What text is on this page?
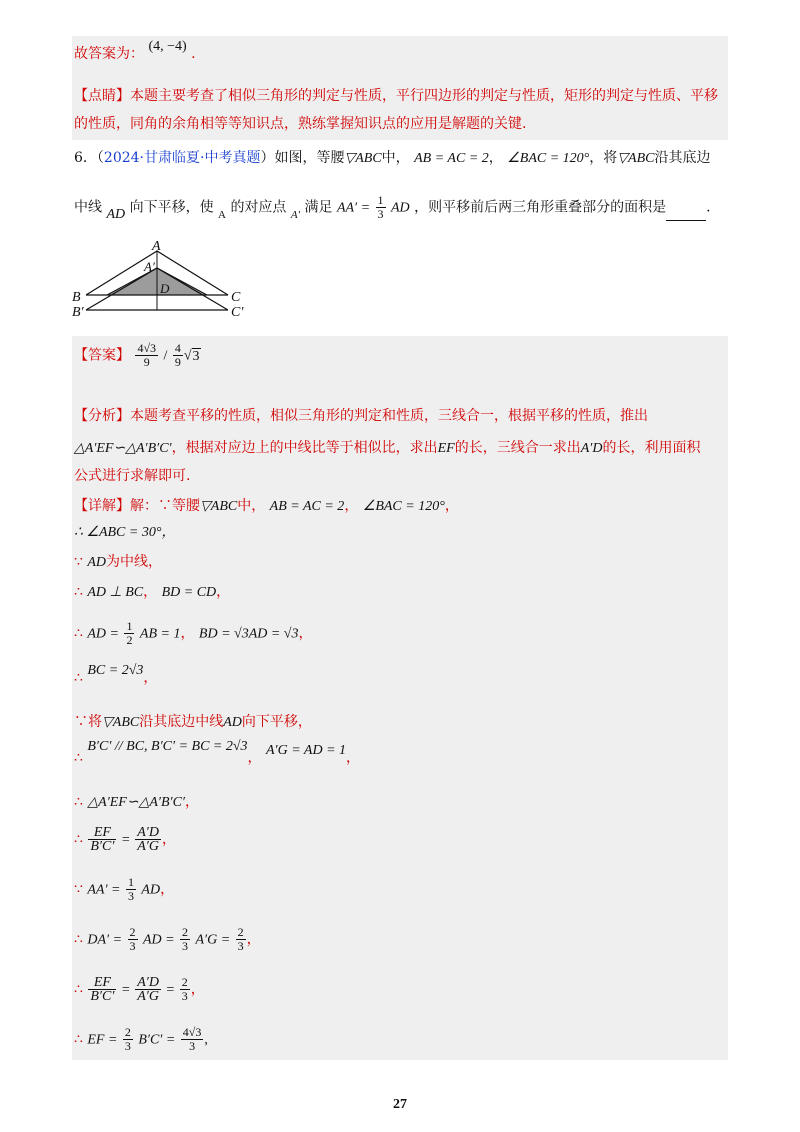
故答案为： (4, −4) .
【点睛】本题主要考查了相似三角形的判定与性质，平行四边形的判定与性质，矩形的判定与性质、平移
的性质，同角的余角相等等知识点，熟练掌握知识点的应用是解题的关键.
6．（2024·甘肃临夏·中考真题）如图，等腰▽ABC中， AB = AC = 2， ∠BAC = 120°，将▽ABC沿其底边
中线 AD 向下平移，使 $_A$ 的对应点 $_{A'}$ 满足 $AA' = \frac{1}{3}$ AD ，则平移前后两三角形重叠部分的面积是	.
A
A′
D
B
B′
C
C′
【答案】 $\frac{4√3}{9} / \frac{4}{9} √3$
【分析】本题考查平移的性质，相似三角形的判定和性质，三线合一，根据平移的性质，推出
△A′EF∽△A′B′C′，根据对应边上的中线比等于相似比，求出EF的长，三线合一求出A′D的长，利用面积
公式进行求解即可.
【详解】解：∵等腰▽ABC中， AB = AC = 2， ∠BAC = 120°，
∴ ∠ABC = 30°，
∵ AD为中线，
∴ AD ⊥ BC， BD = CD，
∴ AD = $\frac{1}{2}$ AB = 1， BD = √3AD = √3，
∴ BC = 2√3，
∵将▽ABC沿其底边中线AD向下平移，
∴ B′C′ // BC, B′C′ = BC = 2√3， A′G = AD = 1，
∴ △A′EF∽△A′B′C′，
∴ $\frac{EF}{B'C'} = \frac{A'D}{A'G}$ ，
∵ $AA' = \frac{1}{3}$ AD，
∴ $DA' = \frac{2}{3}$ AD = $\frac{2}{3} A'G = \frac{2}{3}$ ，
∴ $\frac{EF}{B'C'} = \frac{A'D}{A'G} = \frac{2}{3}$ ，
∴ EF = $\frac{2}{3} B'C' = \frac{4√3}{3}$ ,
27
